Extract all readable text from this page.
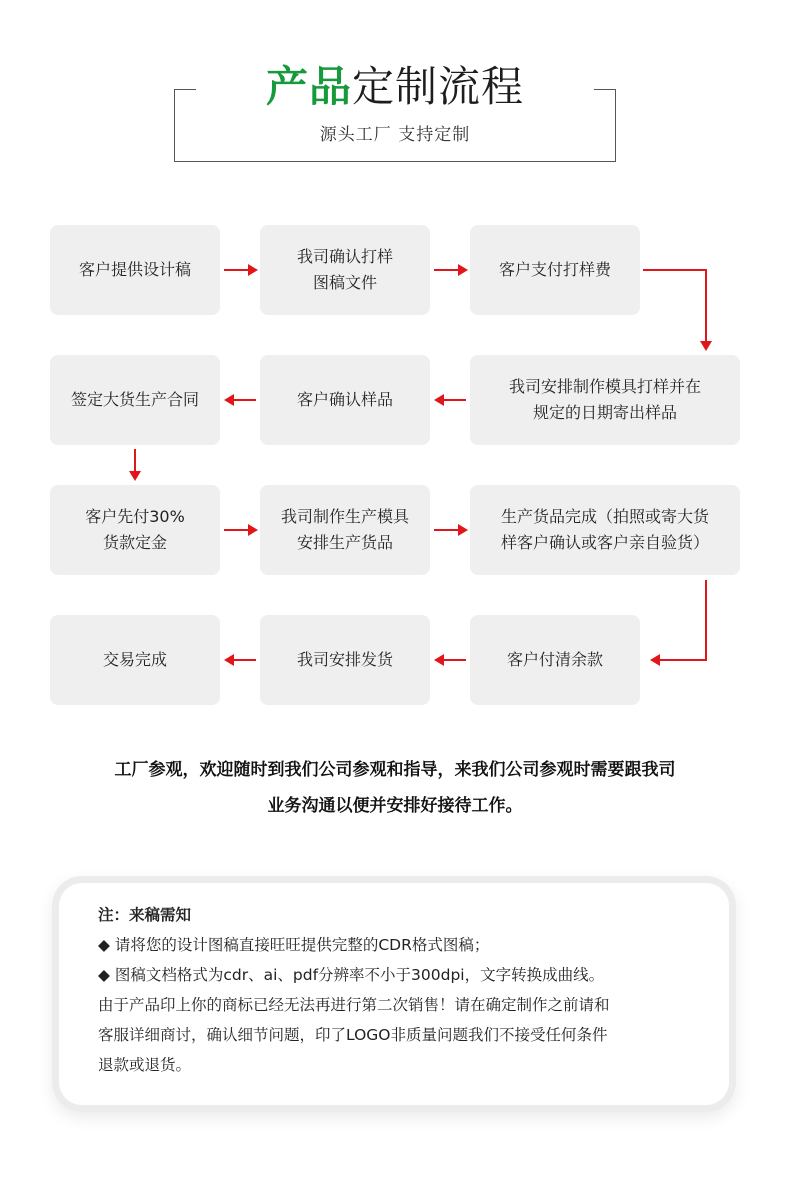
产品定制流程
源头工厂 支持定制
客户提供设计稿
我司确认打样
图稿文件
客户支付打样费
签定大货生产合同	客户确认样品
我司安排制作模具打样并在
规定的日期寄出样品
客户先付30%
货款定金
我司制作生产模具
安排生产货品
生产货品完成（拍照或寄大货
样客户确认或客户亲自验货）
交易完成	我司安排发货	客户付清余款
工厂参观，欢迎随时到我们公司参观和指导，来我们公司参观时需要跟我司
业务沟通以便并安排好接待工作。

注：来稿需知

◆ 请将您的设计图稿直接旺旺提供完整的CDR格式图稿；

◆ 图稿文档格式为cdr、ai、pdf分辨率不小于300dpi，文字转换成曲线。

由于产品印上你的商标已经无法再进行第二次销售！请在确定制作之前请和

客服详细商讨，确认细节问题，印了LOGO非质量问题我们不接受任何条件

退款或退货。
